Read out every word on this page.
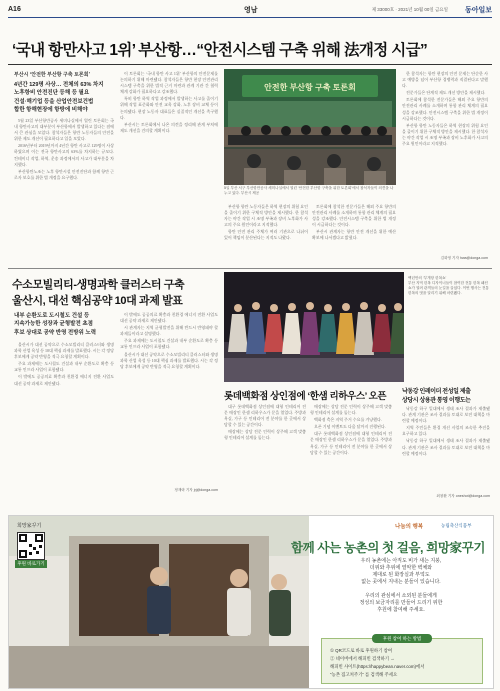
A16	영남	제 33000호 · 2021년 10월 00일 금요일 동아일보
‘국내 항만사고 1위’ 부산항…“안전시스템 구축 위해 法개정 시급”
부산시 ‘안전한 부산항 구축 토론회’
4년간 129명 사상… 전체의 63% 차지
노후항비 안전진단 등해 등 필요
건설·해기업 등을 산업안전보건법
합한 항해현장에 항방에 비해야

5월 23일 부산항만공사 세미나실에서 열린 토론회는 국내 항만사고의 대부분이 부산항에서 발생하고 있다는 점에서 큰 관심을 모았다. 참석자들은 항만 노동자들의 안전을 위한 제도 개선이 필요하다고 입을 모았다.

2016년부터 2019년까지 4년간 항만 사고로 129명이 사상하였으며 이는 전국 항만사고의 63%를 차지하는 규모다. 컨테이너 작업, 하역, 운송 과정에서의 사고가 대부분을 차지했다.

부산항만노조는 노후 항만시설 안전진단과 함께 항만 근로자 보호를 위한 법 개정을 요구했다.

이 토론회는 ‘국내 항만 사고 1위’ 부산항의 안전문제를 논의하기 위해 마련됐다. 참석자들은 항만 현장 안전관리 시스템 구축을 위한 법적 근거 마련과 관계 기관 간 협력 체계 강화가 필요하다고 강조했다.

특히 항만 하역 작업 과정에서 발생하는 사고를 줄이기 위해 작업 표준화와 안전 교육 강화, 노후 장비 교체 등이 논의됐다. 현장 노동자 대표들은 실질적인 개선을 촉구했다.

부산시는 토론회에서 나온 의견을 정리해 관계 부처에 제도 개선을 건의할 계획이다.

안전한 부산항 구축 토론회
5일 부산 서구 부산항만공사 세미나실에서 열린 ‘안전한 부산항 구축을 위한 토론회’에서 참석자들이 의견을 나누고 있다. 부산시 제공

부산항 항만 노동자들은 하역 현장의 위험 요인을 줄이기 위한 구체적 방안을 제시했다. 한 참석자는 야간 작업 시 조명 부족과 장비 노후화가 사고의 주요 원인이라고 지적했다.

항만 안전 관리 주체가 여러 기관으로 나뉘어 있어 책임이 분산된다는 지적도 나왔다.

토론회에 참석한 전문가들은 해외 주요 항만의 안전관리 사례를 소개하며 통합 관리 체계의 필요성을 강조했다. 안전시스템 구축을 위한 법 개정이 시급하다는 것이다.

부산시 관계자는 항만 안전 개선을 위한 예산 확보에 나서겠다고 밝혔다.

한 참석자는 항만 현장의 안전 문제는 단순한 사고 예방을 넘어 부산항 경쟁력과 직결된다고 말했다.

전문가들은 단계적 제도 개선 방안을 제시했다.

토론회에 참석한 전문가들은 해외 주요 항만의 안전관리 사례를 소개하며 통합 관리 체계의 필요성을 강조했다. 안전시스템 구축을 위한 법 개정이 시급하다는 것이다.

부산항 항만 노동자들은 하역 현장의 위험 요인을 줄이기 위한 구체적 방안을 제시했다. 한 참석자는 야간 작업 시 조명 부족과 장비 노후화가 사고의 주요 원인이라고 지적했다.

김화영 기자 hwa@donga.com
수소모빌리티-생명과학 클러스터 구축
울산시, 대선 핵심공약 10대 과제 발표
내부 순환도로 도시철도 건설 등
지속가능한 성장과 균형발전 초점
후보 상대로 공약 반영 전방위 노력

울산시가 대선 공약으로 수소모빌리티 클러스터와 생명과학 산업 육성 등 10대 핵심 과제를 발표했다. 시는 각 정당 후보에게 공약 반영을 적극 요청할 계획이다.

주요 과제에는 도시철도 건설과 내부 순환도로 확충 등 교통 인프라 사업이 포함됐다.

이 밖에도 공공의료 확충과 친환경 에너지 전환 사업도 대선 공약 과제로 제안됐다.

이 밖에도 공공의료 확충과 친환경 에너지 전환 사업도 대선 공약 과제로 제안됐다.

시 관계자는 지역 균형발전을 위해 반드시 반영돼야 할 과제들이라고 설명했다.

주요 과제에는 도시철도 건설과 내부 순환도로 확충 등 교통 인프라 사업이 포함됐다.

울산시가 대선 공약으로 수소모빌리티 클러스터와 생명과학 산업 육성 등 10대 핵심 과제를 발표했다. 시는 각 정당 후보에게 공약 반영을 적극 요청할 계획이다.

정재락 기자 jrj@donga.com
백년만의 ‘부개항 한복쇼’
부산 지역 한복 디자이너들이 참여한 전통 한복 패션쇼가 열려 관객들의 눈길을 끌었다. 이번 행사는 전통 한복의 멋을 알리기 위해 마련됐다.
롯데백화점 상인점에 ‘한샘 리하우스’ 오픈

대구 롯데백화점 상인점에 대형 인테리어 전문 매장인 한샘 리하우스가 문을 열었다. 주방과 욕실, 가구 등 인테리어 전 분야를 한 곳에서 상담할 수 있는 공간이다.

매장에는 상담 전문 인력이 상주해 고객 맞춤형 인테리어 설계를 돕는다.

매장에는 상담 전문 인력이 상주해 고객 맞춤형 인테리어 설계를 돕는다.

백화점 측은 지역 주거 수요를 겨냥했다.

오픈 기념 이벤트도 다음 달까지 진행된다.

대구 롯데백화점 상인점에 대형 인테리어 전문 매장인 한샘 리하우스가 문을 열었다. 주방과 욕실, 가구 등 인테리어 전 분야를 한 곳에서 상담할 수 있는 공간이다.

낙동강 인레이더 전성일 제출
상당시 상용관 통영 이행도는

낙동강 하구 일대에서 생태 조사 결과가 제출됐다. 관계 기관은 조사 결과를 토대로 보전 대책을 마련할 예정이다.

지역 주민들은 환경 개선 사업의 조속한 추진을 요구하고 있다.

낙동강 하구 일대에서 생태 조사 결과가 제출됐다. 관계 기관은 조사 결과를 토대로 보전 대책을 마련할 예정이다.

최창환 기자 oneshot@donga.com
희망家꾸기
후원 바로가기
나눔의 행복	농림축산식품부
함께 사는 농촌의 첫 걸음, 희망家꾸기
우리 농촌에는 아직도 비가 새는 지붕,
더위와 추위에 열악한 벽체와
제대로 된 화장실과 부엌도
없는 곳에서 지내는 분들이 있습니다.

우리의 관심에서 소외된 분들에게
정성의 보금자리를 만들어 드리기 위한
후원에 참여해 주세요.
후원 참여 하는 방법
① QR코드로 바로 후원하기 참여
② 네이버에서 해피빈 검색하기 →
해피빈 사이트(https://happybean.naver.com)에서
“농촌 집고쳐주기” 를 검색해 주세요
